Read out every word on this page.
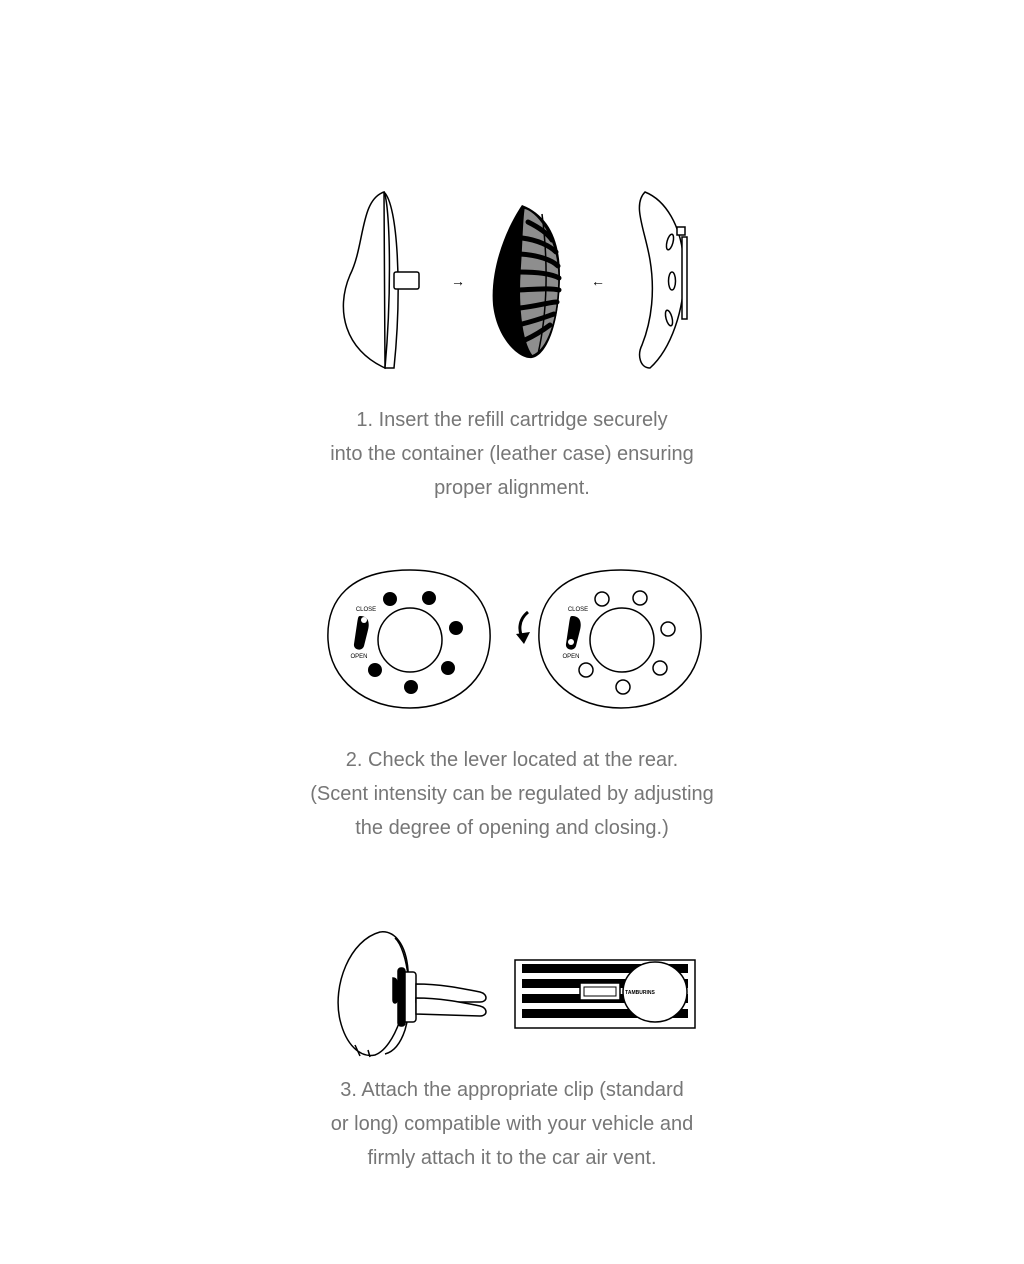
→	←
1. Insert the refill cartridge securely
into the container (leather case) ensuring
proper alignment.
CLOSE
OPEN
CLOSE
OPEN
2. Check the lever located at the rear.
(Scent intensity can be regulated by adjusting
the degree of opening and closing.)
TAMBURINS
3. Attach the appropriate clip (standard
or long) compatible with your vehicle and
firmly attach it to the car air vent.
